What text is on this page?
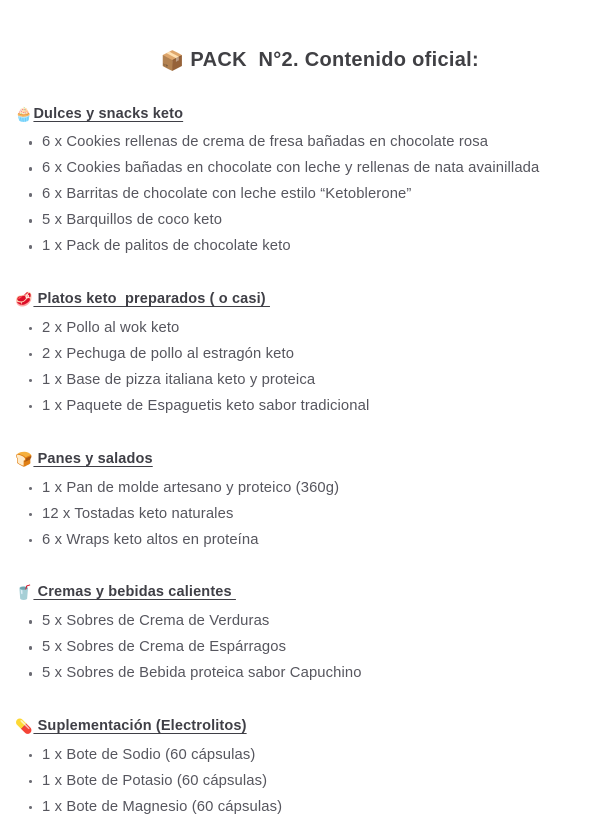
📦 PACK  N°2. Contenido oficial:

🧁Dulces y snacks keto
6 x Cookies rellenas de crema de fresa bañadas en chocolate rosa
6 x Cookies bañadas en chocolate con leche y rellenas de nata avainillada
6 x Barritas de chocolate con leche estilo “Ketoblerone”
5 x Barquillos de coco keto
1 x Pack de palitos de chocolate keto
🥩 Platos keto  preparados ( o casi)
2 x Pollo al wok keto
2 x Pechuga de pollo al estragón keto
1 x Base de pizza italiana keto y proteica
1 x Paquete de Espaguetis keto sabor tradicional
🍞 Panes y salados
1 x Pan de molde artesano y proteico (360g)
12 x Tostadas keto naturales
6 x Wraps keto altos en proteína
🥤 Cremas y bebidas calientes
5 x Sobres de Crema de Verduras
5 x Sobres de Crema de Espárragos
5 x Sobres de Bebida proteica sabor Capuchino
💊 Suplementación (Electrolitos)
1 x Bote de Sodio (60 cápsulas)
1 x Bote de Potasio (60 cápsulas)
1 x Bote de Magnesio (60 cápsulas)
